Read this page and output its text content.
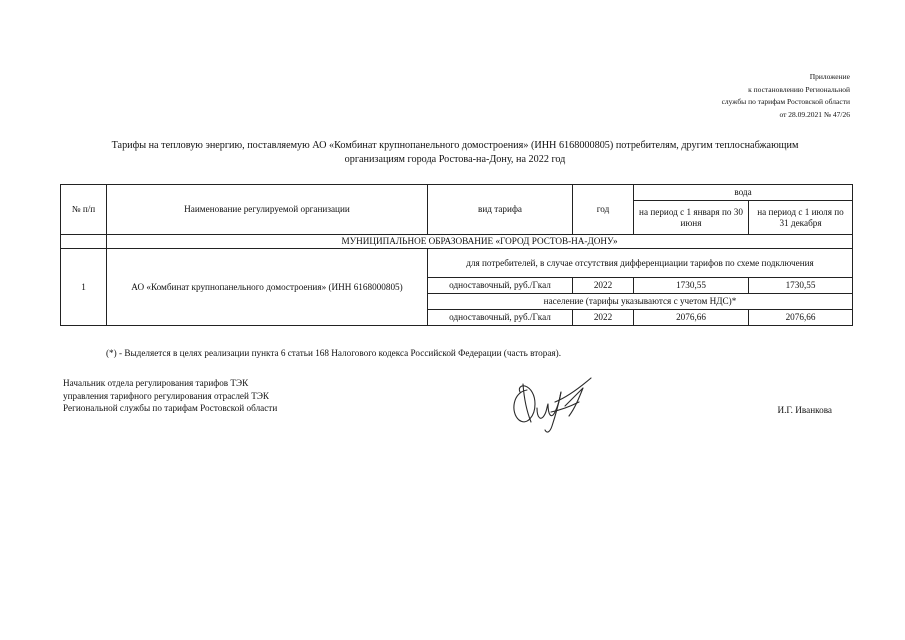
Приложение
к постановлению Региональной
службы по тарифам Ростовской области
от 28.09.2021 № 47/26
Тарифы на тепловую энергию, поставляемую АО «Комбинат крупнопанельного домостроения» (ИНН 6168000805) потребителям, другим теплоснабжающим
организациям города Ростова-на-Дону, на 2022 год
№ п/п	Наименование регулируемой организации	вид тарифа	год	вода	
				на период с 1 января по 30 июня	на период с 1 июля по 31 декабря
	МУНИЦИПАЛЬНОЕ ОБРАЗОВАНИЕ «ГОРОД РОСТОВ-НА-ДОНУ»				
1	АО «Комбинат крупнопанельного домостроения» (ИНН 6168000805)	для потребителей, в случае отсутствия дифференциации тарифов по схеме подключения			
		одноставочный, руб./Гкал	2022	1730,55	1730,55
		население (тарифы указываются с учетом НДС)*			
		одноставочный, руб./Гкал	2022	2076,66	2076,66
(*) - Выделяется в целях реализации пункта 6 статьи 168 Налогового кодекса Российской Федерации (часть вторая).
Начальник отдела регулирования тарифов ТЭК
управления тарифного регулирования отраслей ТЭК
Региональной службы по тарифам Ростовской области	И.Г. Иванкова
